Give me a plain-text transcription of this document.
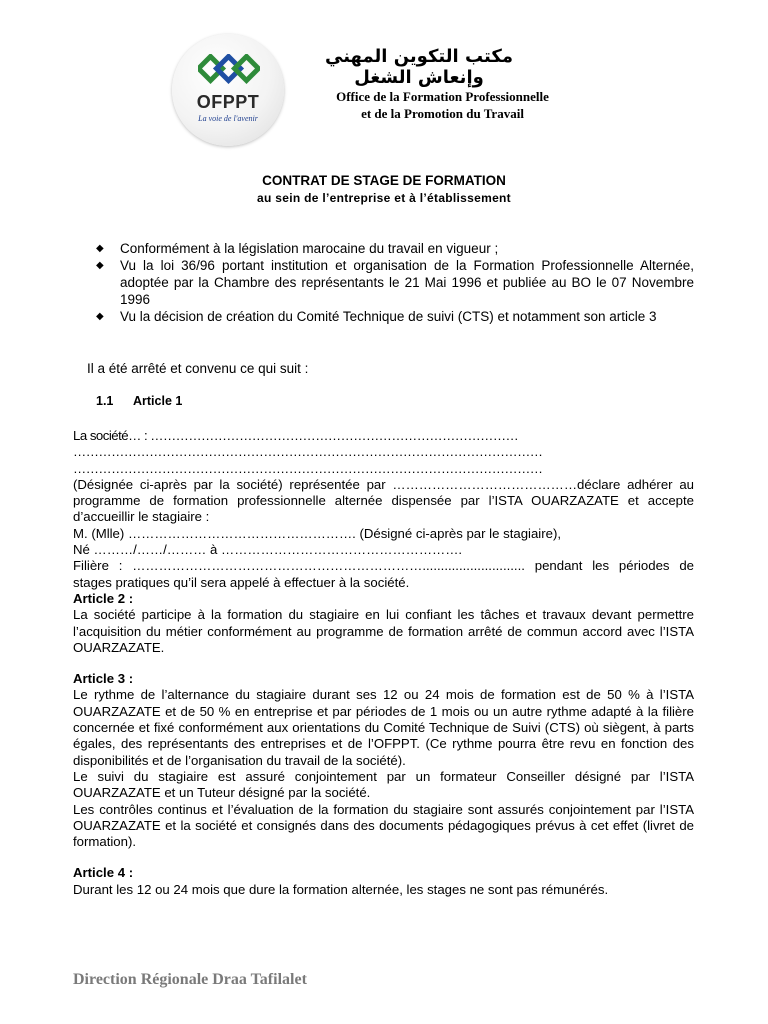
OFPPT
La voie de l'avenir
مكتب التكوين المهني وإنعاش الشغل
Office de la Formation Professionnelle
et de la Promotion du Travail
CONTRAT DE STAGE DE FORMATION
au sein de l’entreprise et à l’établissement
◆ Conformément à la législation marocaine du travail en vigueur ;
◆ Vu la loi 36/96 portant institution et organisation de la Formation Professionnelle Alternée, adoptée par la Chambre des représentants le 21 Mai 1996 et publiée au BO le 07 Novembre 1996
◆ Vu la décision de création du Comité Technique de suivi (CTS) et notamment son article 3
Il a été arrêté et convenu ce qui suit :
1.1 Article 1

La société… : ……………………………………………………………………………

…………………………………………………………………………………………………

…………………………………………………………………………………………………

(Désignée ci-après par la société) représentée par ……………………………………déclare adhérer au programme de formation professionnelle alternée dispensée par l’ISTA OUARZAZATE et accepte d’accueillir le stagiaire :

M. (Mlle) ……………………………………………. (Désigné ci-après par le stagiaire),

Né ………/……/……… à ……………………………………………….

Filière : …………………………………………………………............................ pendant les périodes de stages pratiques qu’il sera appelé à effectuer à la société.

Article 2 :

La société participe à la formation du stagiaire en lui confiant les tâches et travaux devant permettre l’acquisition du métier conformément au programme de formation arrêté de commun accord avec l’ISTA OUARZAZATE.

Article 3 :

Le rythme de l’alternance du stagiaire durant ses 12 ou 24 mois de formation est de 50 % à l’ISTA OUARZAZATE et de 50 % en entreprise et par périodes de 1 mois ou un autre rythme adapté à la filière concernée et fixé conformément aux orientations du Comité Technique de Suivi (CTS) où siègent, à parts égales, des représentants des entreprises et de l’OFPPT. (Ce rythme pourra être revu en fonction des disponibilités et de l’organisation du travail de la société).

Le suivi du stagiaire est assuré conjointement par un formateur Conseiller désigné par l’ISTA OUARZAZATE et un Tuteur désigné par la société.

Les contrôles continus et l’évaluation de la formation du stagiaire sont assurés conjointement par l’ISTA OUARZAZATE et la société et consignés dans des documents pédagogiques prévus à cet effet (livret de formation).

Article 4 :

Durant les 12 ou 24 mois que dure la formation alternée, les stages ne sont pas rémunérés.

Direction Régionale Draa Tafilalet
